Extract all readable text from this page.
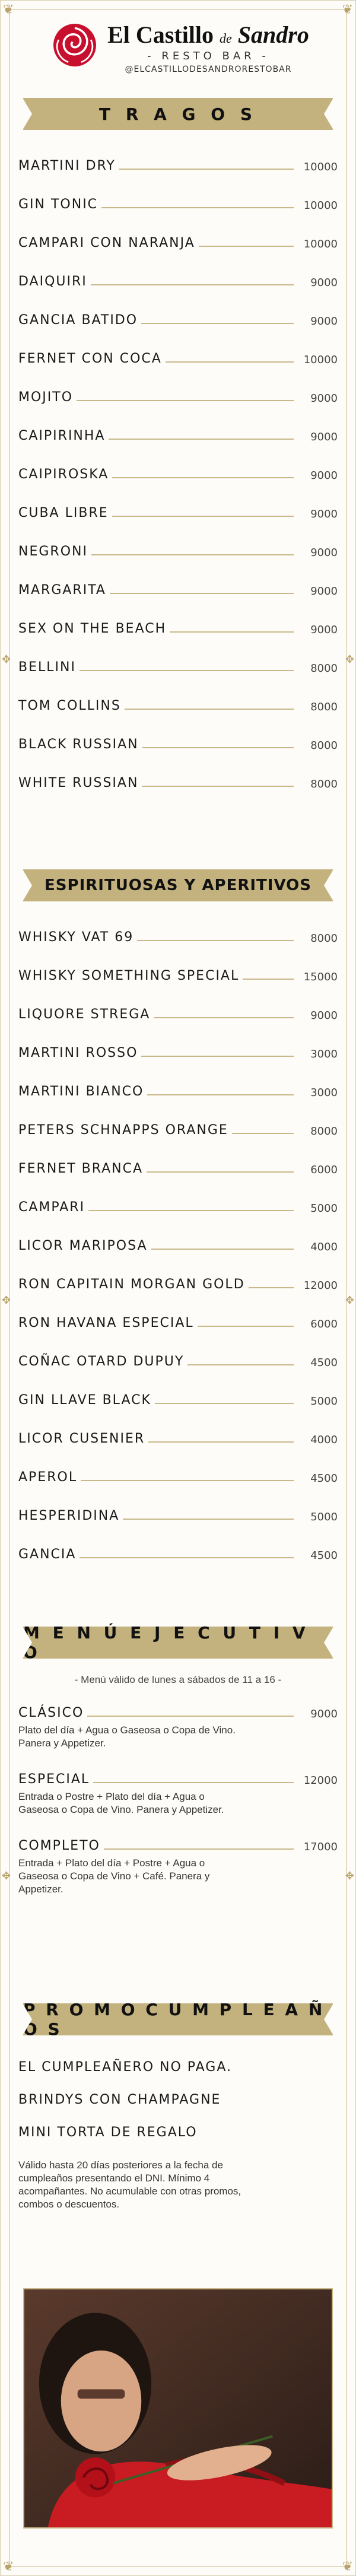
❦	❦
❦	❦
✥	✥
✥	✥
✥	✥
El Castillo de Sandro
- RESTO BAR -
@ELCASTILLODESANDRORESTOBAR
T R A G O S
MARTINI DRY	10000
GIN TONIC	10000
CAMPARI CON NARANJA	10000
DAIQUIRI	9000
GANCIA BATIDO	9000
FERNET CON COCA	10000
MOJITO	9000
CAIPIRINHA	9000
CAIPIROSKA	9000
CUBA LIBRE	9000
NEGRONI	9000
MARGARITA	9000
SEX ON THE BEACH	9000
BELLINI	8000
TOM COLLINS	8000
BLACK RUSSIAN	8000
WHITE RUSSIAN	8000
ESPIRITUOSAS Y APERITIVOS
WHISKY VAT 69	8000
WHISKY SOMETHING SPECIAL	15000
LIQUORE STREGA	9000
MARTINI ROSSO	3000
MARTINI BIANCO	3000
PETERS SCHNAPPS ORANGE	8000
FERNET BRANCA	6000
CAMPARI	5000
LICOR MARIPOSA	4000
RON CAPITAIN MORGAN GOLD	12000
RON HAVANA ESPECIAL	6000
COÑAC OTARD DUPUY	4500
GIN LLAVE BLACK	5000
LICOR CUSENIER	4000
APEROL	4500
HESPERIDINA	5000
GANCIA	4500
M E N Ú E J E C U T I V O
- Menú válido de lunes a sábados de 11 a 16 -
CLÁSICO	9000
Plato del día + Agua o Gaseosa o Copa de Vino. Panera y Appetizer.
ESPECIAL	12000
Entrada o Postre + Plato del día + Agua o Gaseosa o Copa de Vino. Panera y Appetizer.
COMPLETO	17000
Entrada + Plato del día + Postre + Agua o Gaseosa o Copa de Vino + Café. Panera y Appetizer.
P R O M O C U M P L E A Ñ O S
EL CUMPLEAÑERO NO PAGA.
BRINDYS CON CHAMPAGNE
MINI TORTA DE REGALO
Válido hasta 20 días posteriores a la fecha de cumpleaños presentando el DNI. Mínimo 4 acompañantes. No acumulable con otras promos, combos o descuentos.
